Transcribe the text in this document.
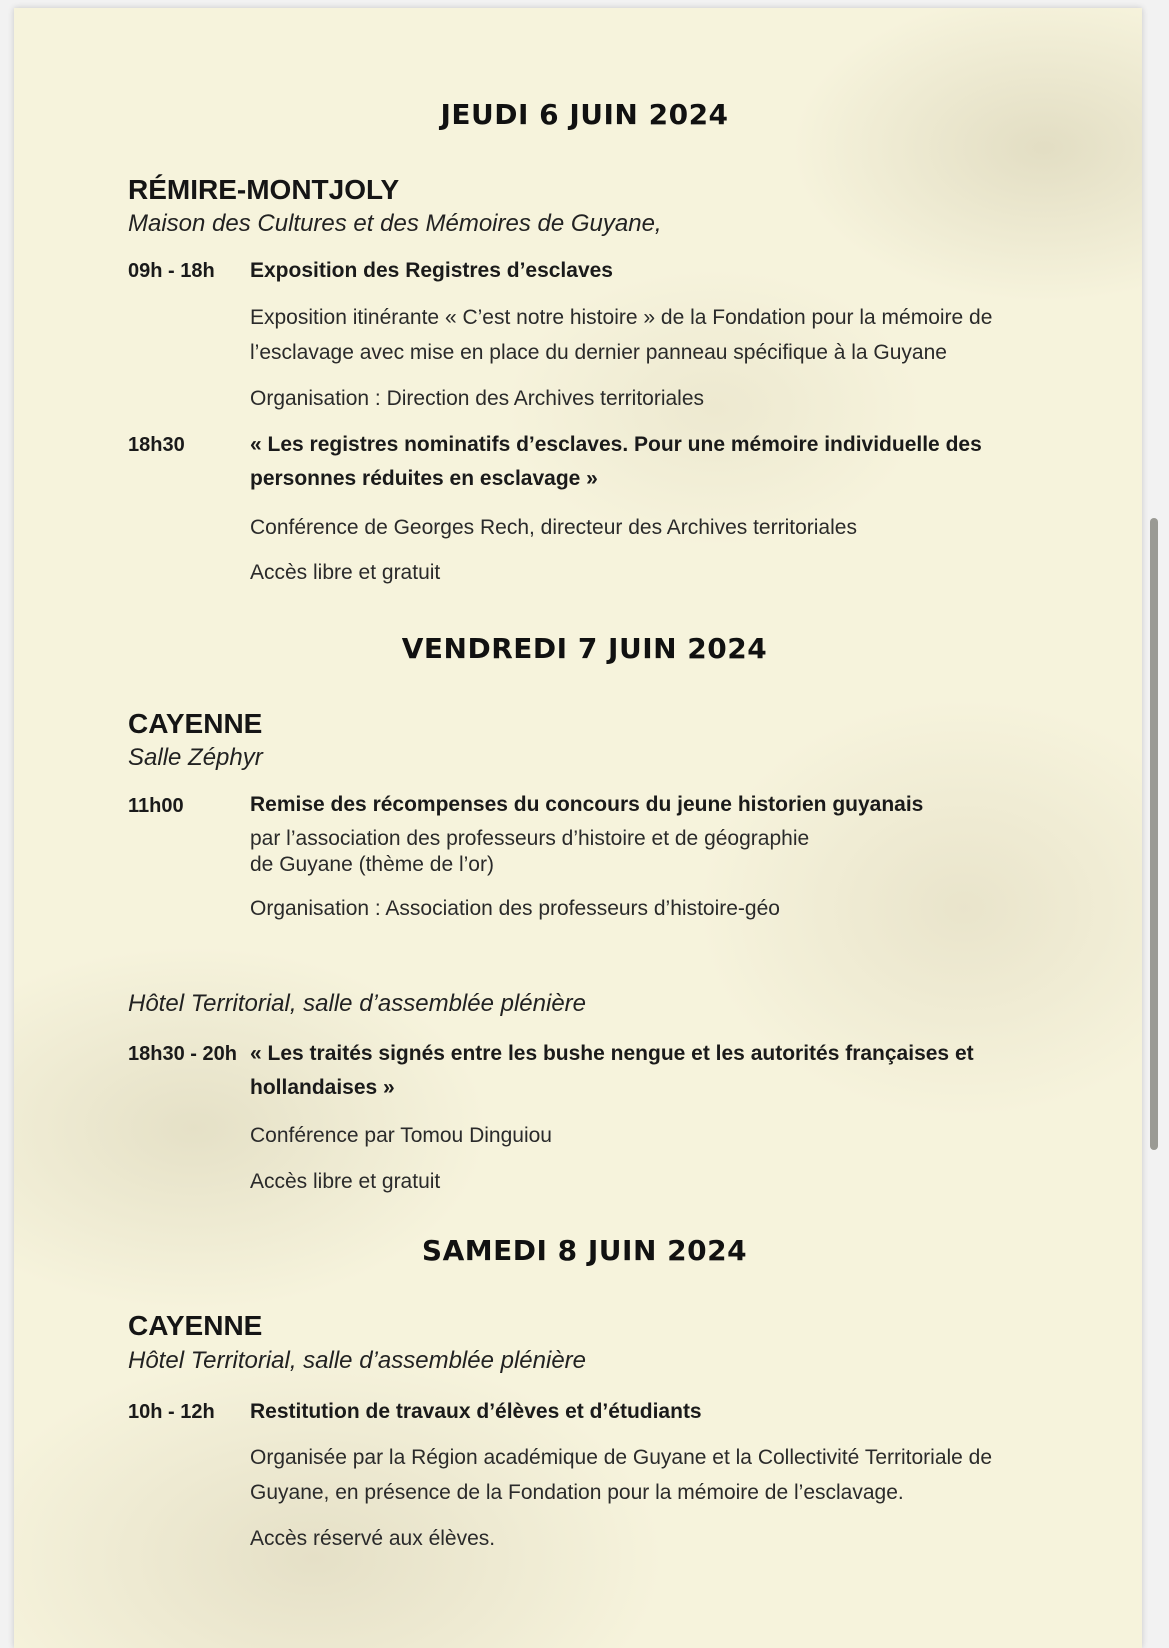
JEUDI 6 JUIN 2024
RÉMIRE-MONTJOLY

Maison des Cultures et des Mémoires de Guyane,

09h - 18h Exposition des Registres d’esclaves

Exposition itinérante « C’est notre histoire » de la Fondation pour la mémoire de l’esclavage avec mise en place du dernier panneau spécifique à la Guyane

Organisation : Direction des Archives territoriales

18h30	« Les registres nominatifs d’esclaves. Pour une mémoire individuelle des personnes réduites en esclavage »

Conférence de Georges Rech, directeur des Archives territoriales

Accès libre et gratuit

VENDREDI 7 JUIN 2024
CAYENNE

Salle Zéphyr

11h00	Remise des récompenses du concours du jeune historien guyanais

par l’association des professeurs d’histoire et de géographie

de Guyane (thème de l’or)

Organisation : Association des professeurs d’histoire-géo

Hôtel Territorial, salle d’assemblée plénière

18h30 - 20h « Les traités signés entre les bushe nengue et les autorités françaises et hollandaises »

Conférence par Tomou Dinguiou

Accès libre et gratuit

SAMEDI 8 JUIN 2024
CAYENNE

Hôtel Territorial, salle d’assemblée plénière

10h - 12h Restitution de travaux d’élèves et d’étudiants

Organisée par la Région académique de Guyane et la Collectivité Territoriale de Guyane, en présence de la Fondation pour la mémoire de l’esclavage.

Accès réservé aux élèves.
